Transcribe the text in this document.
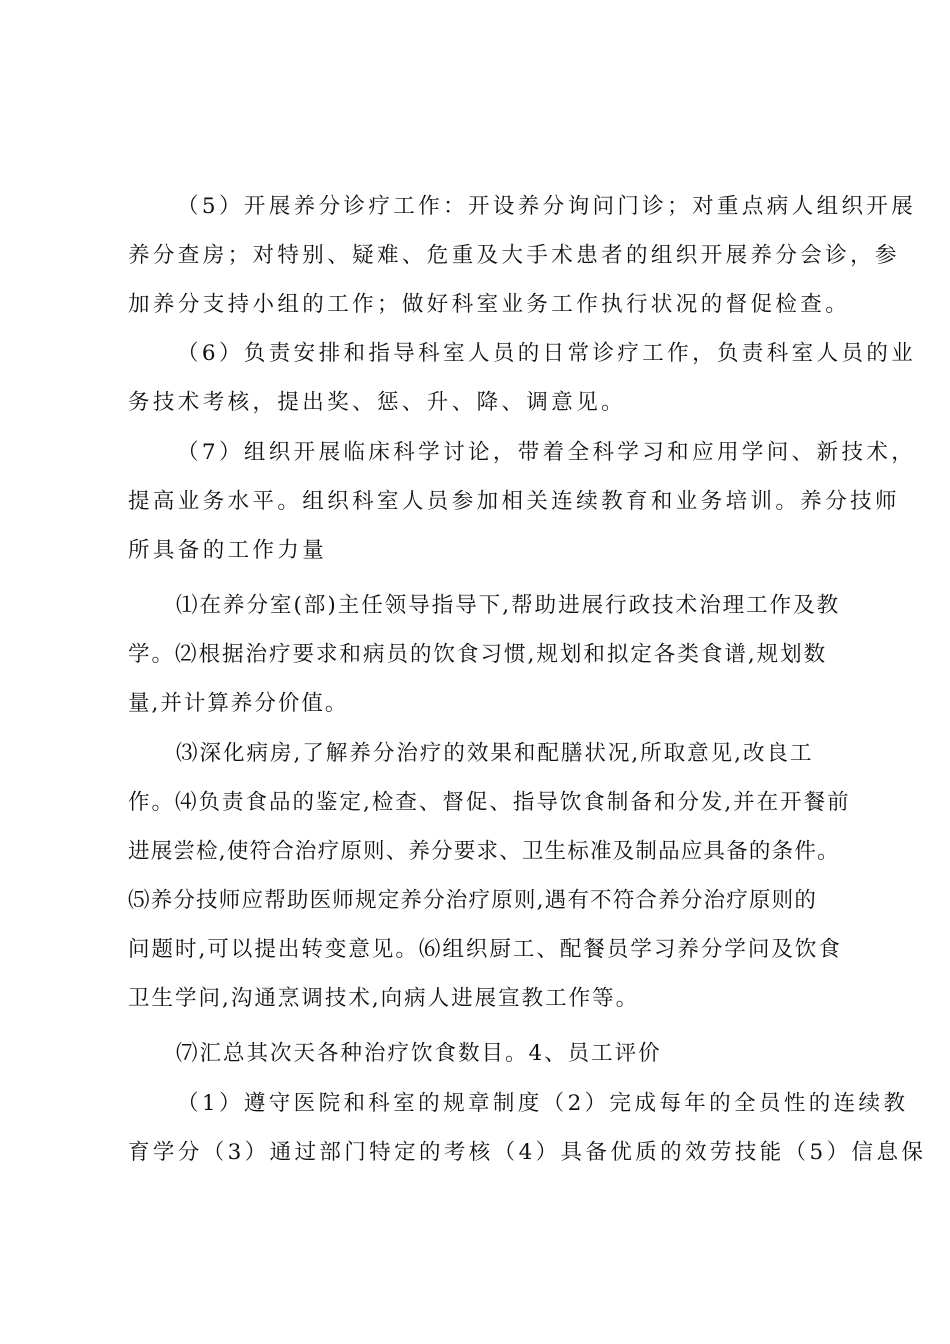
（5）开展养分诊疗工作：开设养分询问门诊；对重点病人组织开展
养分查房；对特别、疑难、危重及大手术患者的组织开展养分会诊，参
加养分支持小组的工作；做好科室业务工作执行状况的督促检查。
（6）负责安排和指导科室人员的日常诊疗工作，负责科室人员的业
务技术考核，提出奖、惩、升、降、调意见。
（7）组织开展临床科学讨论，带着全科学习和应用学问、新技术，
提高业务水平。组织科室人员参加相关连续教育和业务培训。养分技师
所具备的工作力量
⑴在养分室(部)主任领导指导下,帮助进展行政技术治理工作及教
学。⑵根据治疗要求和病员的饮食习惯,规划和拟定各类食谱,规划数
量,并计算养分价值。
⑶深化病房,了解养分治疗的效果和配膳状况,所取意见,改良工
作。⑷负责食品的鉴定,检查、督促、指导饮食制备和分发,并在开餐前
进展尝检,使符合治疗原则、养分要求、卫生标准及制品应具备的条件。
⑸养分技师应帮助医师规定养分治疗原则,遇有不符合养分治疗原则的
问题时,可以提出转变意见。⑹组织厨工、配餐员学习养分学问及饮食
卫生学问,沟通烹调技术,向病人进展宣教工作等。
⑺汇总其次天各种治疗饮食数目。4、员工评价
（1）遵守医院和科室的规章制度（2）完成每年的全员性的连续教
育学分（3）通过部门特定的考核（4）具备优质的效劳技能（5）信息保
